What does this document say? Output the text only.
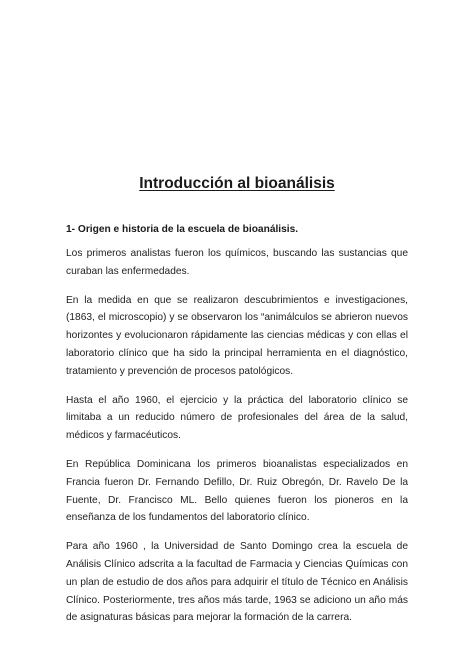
Introducción al bioanálisis

1- Origen e historia de la escuela de bioanálisis.

Los primeros analistas fueron los químicos, buscando las sustancias que curaban las enfermedades.

En la medida en que se realizaron descubrimientos e investigaciones, (1863, el microscopio) y se observaron los “animálculos se abrieron nuevos horizontes y evolucionaron rápidamente las ciencias médicas y con ellas el laboratorio clínico que ha sido la principal herramienta en el diagnóstico, tratamiento y prevención de procesos patológicos.

Hasta el año 1960, el ejercicio y la práctica del laboratorio clínico se limitaba a un reducido número de profesionales del área de la salud, médicos y farmacéuticos.

En República Dominicana los primeros bioanalistas especializados en Francia fueron Dr. Fernando Defillo, Dr. Ruiz Obregón, Dr. Ravelo De la Fuente, Dr. Francisco ML. Bello quienes fueron los pioneros en la enseñanza de los fundamentos del laboratorio clínico.

Para año 1960 , la Universidad de Santo Domingo crea la escuela de Análisis Clínico adscrita a la facultad de Farmacia y Ciencias Químicas con un plan de estudio de dos años para adquirir el título de Técnico en Análisis Clínico. Posteriormente, tres años más tarde, 1963 se adiciono un año más de asignaturas básicas para mejorar la formación de la carrera.
